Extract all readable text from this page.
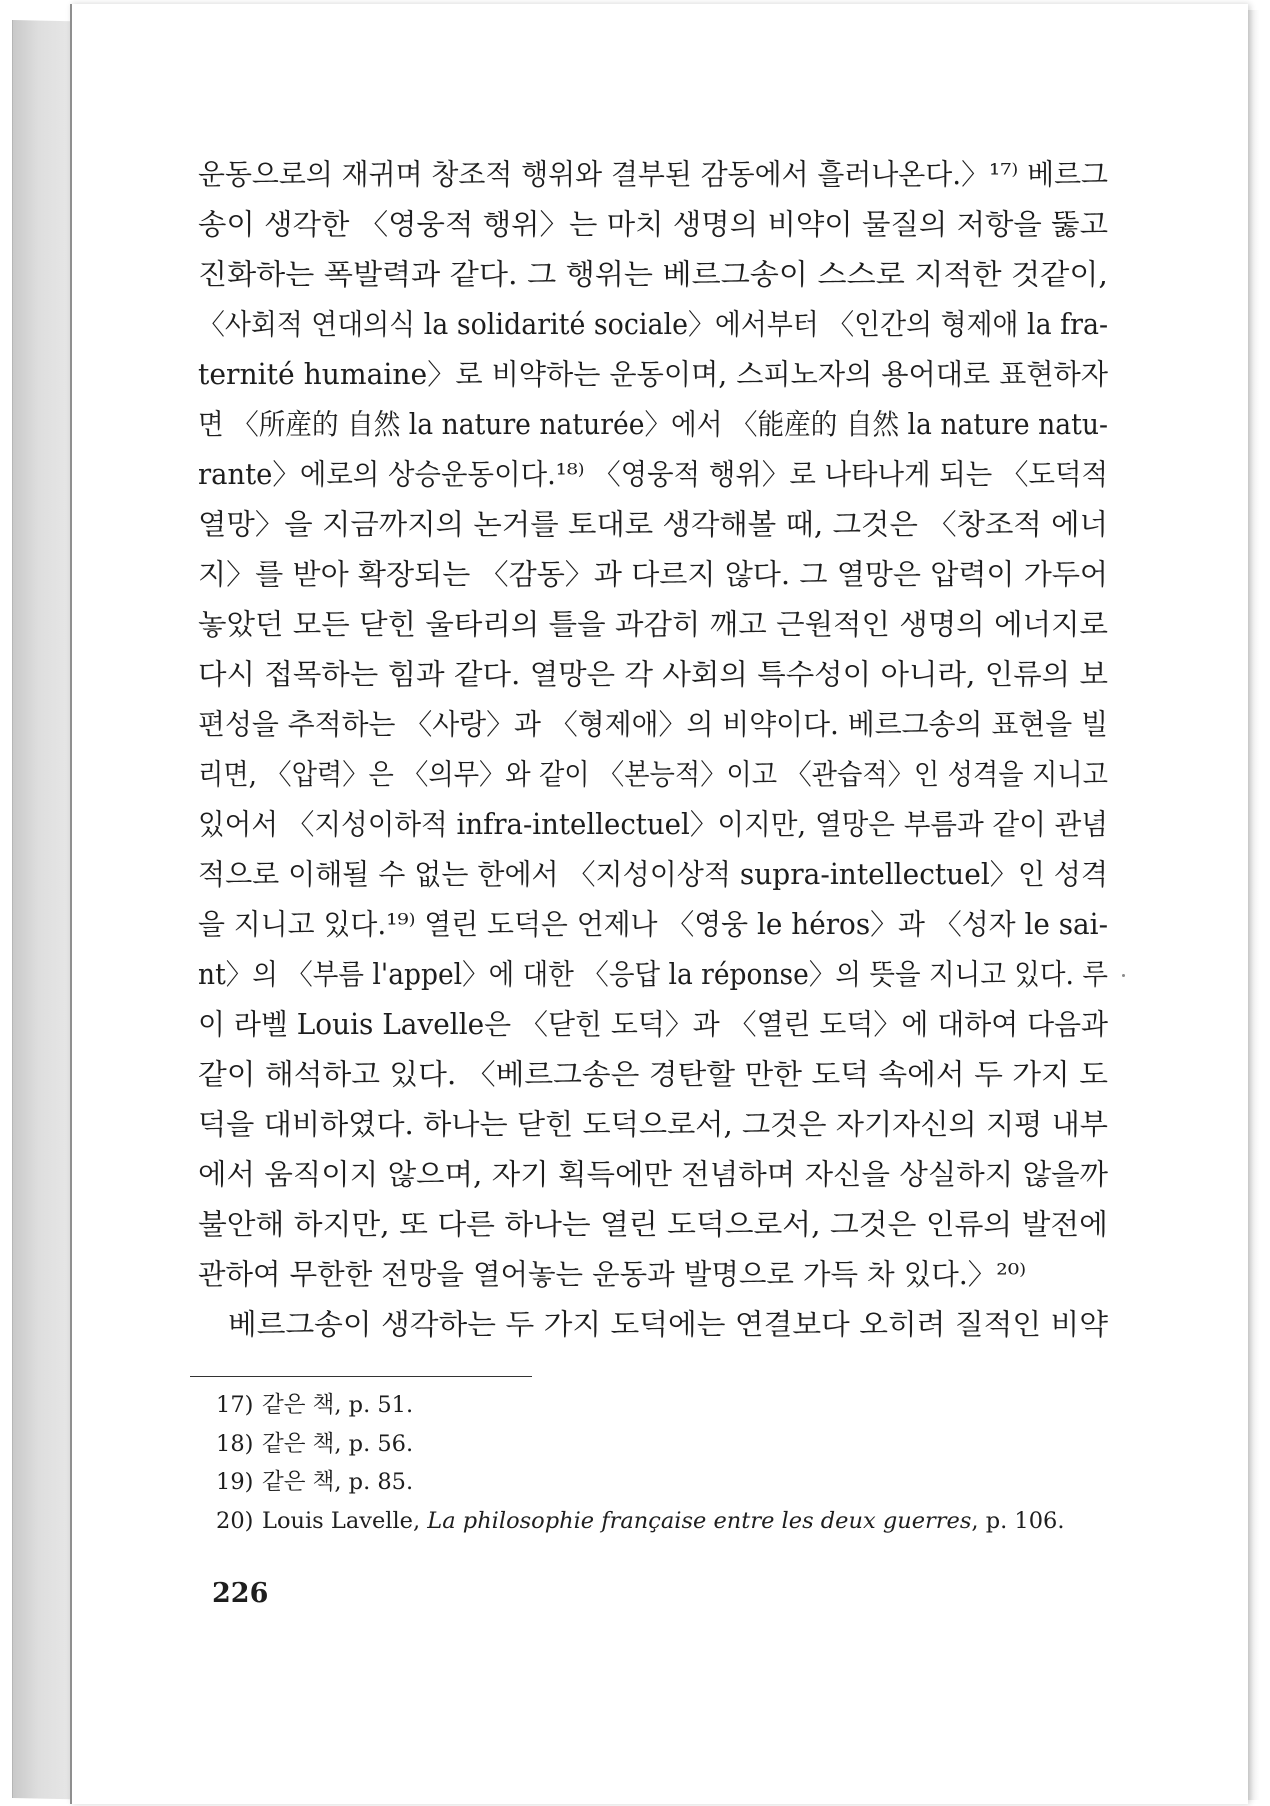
운동으로의 재귀며 창조적 행위와 결부된 감동에서 흘러나온다.〉¹⁷⁾ 베르그
송이 생각한 〈영웅적 행위〉는 마치 생명의 비약이 물질의 저항을 뚫고
진화하는 폭발력과 같다. 그 행위는 베르그송이 스스로 지적한 것같이,
〈사회적 연대의식 la solidarité sociale〉에서부터 〈인간의 형제애 la fra-
ternité humaine〉로 비약하는 운동이며, 스피노자의 용어대로 표현하자
면 〈所産的 自然 la nature naturée〉에서 〈能産的 自然 la nature natu-
rante〉에로의 상승운동이다.¹⁸⁾ 〈영웅적 행위〉로 나타나게 되는 〈도덕적
열망〉을 지금까지의 논거를 토대로 생각해볼 때, 그것은 〈창조적 에너
지〉를 받아 확장되는 〈감동〉과 다르지 않다. 그 열망은 압력이 가두어
놓았던 모든 닫힌 울타리의 틀을 과감히 깨고 근원적인 생명의 에너지로
다시 접목하는 힘과 같다. 열망은 각 사회의 특수성이 아니라, 인류의 보
편성을 추적하는 〈사랑〉과 〈형제애〉의 비약이다. 베르그송의 표현을 빌
리면, 〈압력〉은 〈의무〉와 같이 〈본능적〉이고 〈관습적〉인 성격을 지니고
있어서 〈지성이하적 infra-intellectuel〉이지만, 열망은 부름과 같이 관념
적으로 이해될 수 없는 한에서 〈지성이상적 supra-intellectuel〉인 성격
을 지니고 있다.¹⁹⁾ 열린 도덕은 언제나 〈영웅 le héros〉과 〈성자 le sai-
nt〉의 〈부름 l'appel〉에 대한 〈응답 la réponse〉의 뜻을 지니고 있다. 루
이 라벨 Louis Lavelle은 〈닫힌 도덕〉과 〈열린 도덕〉에 대하여 다음과
같이 해석하고 있다. 〈베르그송은 경탄할 만한 도덕 속에서 두 가지 도
덕을 대비하였다. 하나는 닫힌 도덕으로서, 그것은 자기자신의 지평 내부
에서 움직이지 않으며, 자기 획득에만 전념하며 자신을 상실하지 않을까
불안해 하지만, 또 다른 하나는 열린 도덕으로서, 그것은 인류의 발전에
관하여 무한한 전망을 열어놓는 운동과 발명으로 가득 차 있다.〉²⁰⁾
베르그송이 생각하는 두 가지 도덕에는 연결보다 오히려 질적인 비약
17) 같은 책, p. 51.
18) 같은 책, p. 56.
19) 같은 책, p. 85.
20) Louis Lavelle, La philosophie française entre les deux guerres, p. 106.
226
